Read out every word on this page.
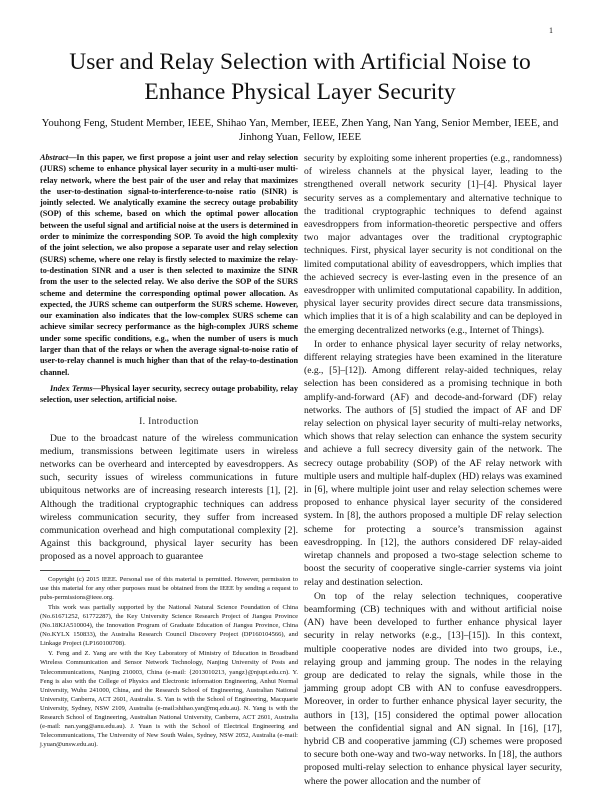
1
User and Relay Selection with Artificial Noise to Enhance Physical Layer Security
Youhong Feng, Student Member, IEEE, Shihao Yan, Member, IEEE, Zhen Yang, Nan Yang, Senior Member, IEEE, and Jinhong Yuan, Fellow, IEEE

Abstract—In this paper, we first propose a joint user and relay selection (JURS) scheme to enhance physical layer security in a multi-user multi-relay network, where the best pair of the user and relay that maximizes the user-to-destination signal-to-interference-to-noise ratio (SINR) is jointly selected. We analytically examine the secrecy outage probability (SOP) of this scheme, based on which the optimal power allocation between the useful signal and artificial noise at the users is determined in order to minimize the corresponding SOP. To avoid the high complexity of the joint selection, we also propose a separate user and relay selection (SURS) scheme, where one relay is firstly selected to maximize the relay-to-destination SINR and a user is then selected to maximize the SINR from the user to the selected relay. We also derive the SOP of the SURS scheme and determine the corresponding optimal power allocation. As expected, the JURS scheme can outperform the SURS scheme. However, our examination also indicates that the low-complex SURS scheme can achieve similar secrecy performance as the high-complex JURS scheme under some specific conditions, e.g., when the number of users is much larger than that of the relays or when the average signal-to-noise ratio of user-to-relay channel is much higher than that of the relay-to-destination channel.

Index Terms—Physical layer security, secrecy outage probability, relay selection, user selection, artificial noise.

I. Introduction

Due to the broadcast nature of the wireless communication medium, transmissions between legitimate users in wireless networks can be overheard and intercepted by eavesdroppers. As such, security issues of wireless communications in future ubiquitous networks are of increasing research interests [1], [2]. Although the traditional cryptographic techniques can address wireless communication security, they suffer from increased communication overhead and high computational complexity [2]. Against this background, physical layer security has been proposed as a novel approach to guarantee

Copyright (c) 2015 IEEE. Personal use of this material is permitted. However, permission to use this material for any other purposes must be obtained from the IEEE by sending a request to pubs-permissions@ieee.org.

This work was partially supported by the National Natural Science Foundation of China (No.61671252, 61772287), the Key University Science Research Project of Jiangsu Province (No.18KJA510004), the Innovation Program of Graduate Education of Jiangsu Province, China (No.KYLX 150833), the Australia Research Council Discovery Project (DP160104566), and Linkage Project (LP160100708).

Y. Feng and Z. Yang are with the Key Laboratory of Ministry of Education in Broadband Wireless Communication and Sensor Network Technology, Nanjing University of Posts and Telecommunications, Nanjing 210003, China (e-mail: {2013010213, yangz}@njupt.edu.cn). Y. Feng is also with the College of Physics and Electronic information Engineering, Anhui Normal University, Wuhu 241000, China, and the Research School of Engineering, Australian National University, Canberra, ACT 2601, Australia. S. Yan is with the School of Engineering, Macquarie University, Sydney, NSW 2109, Australia (e-mail:shihao.yan@mq.edu.au). N. Yang is with the Research School of Engineering, Australian National University, Canberra, ACT 2601, Australia (e-mail: nan.yang@anu.edu.au). J. Yuan is with the School of Electrical Engineering and Telecommunications, The University of New South Wales, Sydney, NSW 2052, Australia (e-mail: j.yuan@unsw.edu.au).

security by exploiting some inherent properties (e.g., randomness) of wireless channels at the physical layer, leading to the strengthened overall network security [1]–[4]. Physical layer security serves as a complementary and alternative technique to the traditional cryptographic techniques to defend against eavesdroppers from information-theoretic perspective and offers two major advantages over the traditional cryptographic techniques. First, physical layer security is not conditional on the limited computational ability of eavesdroppers, which implies that the achieved secrecy is ever-lasting even in the presence of an eavesdropper with unlimited computational capability. In addition, physical layer security provides direct secure data transmissions, which implies that it is of a high scalability and can be deployed in the emerging decentralized networks (e.g., Internet of Things).

In order to enhance physical layer security of relay networks, different relaying strategies have been examined in the literature (e.g., [5]–[12]). Among different relay-aided techniques, relay selection has been considered as a promising technique in both amplify-and-forward (AF) and decode-and-forward (DF) relay networks. The authors of [5] studied the impact of AF and DF relay selection on physical layer security of multi-relay networks, which shows that relay selection can enhance the system security and achieve a full secrecy diversity gain of the network. The secrecy outage probability (SOP) of the AF relay network with multiple users and multiple half-duplex (HD) relays was examined in [6], where multiple joint user and relay selection schemes were proposed to enhance physical layer security of the considered system. In [8], the authors proposed a multiple DF relay selection scheme for protecting a source’s transmission against eavesdropping. In [12], the authors considered DF relay-aided wiretap channels and proposed a two-stage selection scheme to boost the security of cooperative single-carrier systems via joint relay and destination selection.

On top of the relay selection techniques, cooperative beamforming (CB) techniques with and without artificial noise (AN) have been developed to further enhance physical layer security in relay networks (e.g., [13]–[15]). In this context, multiple cooperative nodes are divided into two groups, i.e., relaying group and jamming group. The nodes in the relaying group are dedicated to relay the signals, while those in the jamming group adopt CB with AN to confuse eavesdroppers. Moreover, in order to further enhance physical layer security, the authors in [13], [15] considered the optimal power allocation between the confidential signal and AN signal. In [16], [17], hybrid CB and cooperative jamming (CJ) schemes were proposed to secure both one-way and two-way networks. In [18], the authors proposed multi-relay selection to enhance physical layer security, where the power allocation and the number of
